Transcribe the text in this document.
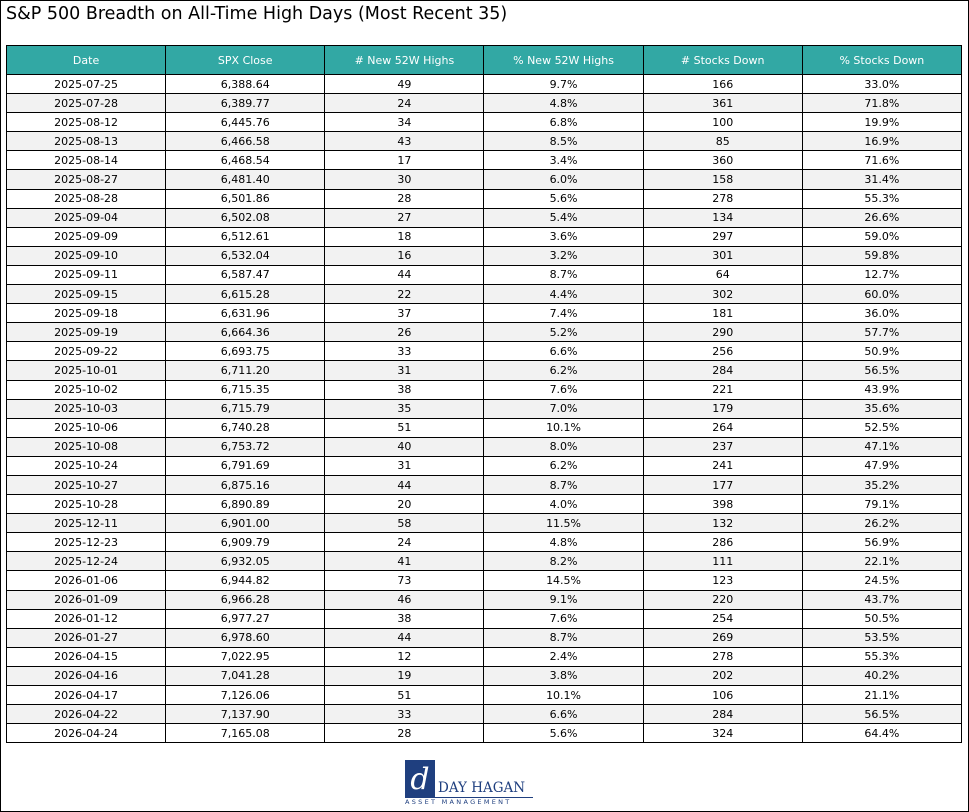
S&P 500 Breadth on All-Time High Days (Most Recent 35)
Date	SPX Close	# New 52W Highs	% New 52W Highs	# Stocks Down	% Stocks Down
2025-07-25	6,388.64	49	9.7%	166	33.0%
2025-07-28	6,389.77	24	4.8%	361	71.8%
2025-08-12	6,445.76	34	6.8%	100	19.9%
2025-08-13	6,466.58	43	8.5%	85	16.9%
2025-08-14	6,468.54	17	3.4%	360	71.6%
2025-08-27	6,481.40	30	6.0%	158	31.4%
2025-08-28	6,501.86	28	5.6%	278	55.3%
2025-09-04	6,502.08	27	5.4%	134	26.6%
2025-09-09	6,512.61	18	3.6%	297	59.0%
2025-09-10	6,532.04	16	3.2%	301	59.8%
2025-09-11	6,587.47	44	8.7%	64	12.7%
2025-09-15	6,615.28	22	4.4%	302	60.0%
2025-09-18	6,631.96	37	7.4%	181	36.0%
2025-09-19	6,664.36	26	5.2%	290	57.7%
2025-09-22	6,693.75	33	6.6%	256	50.9%
2025-10-01	6,711.20	31	6.2%	284	56.5%
2025-10-02	6,715.35	38	7.6%	221	43.9%
2025-10-03	6,715.79	35	7.0%	179	35.6%
2025-10-06	6,740.28	51	10.1%	264	52.5%
2025-10-08	6,753.72	40	8.0%	237	47.1%
2025-10-24	6,791.69	31	6.2%	241	47.9%
2025-10-27	6,875.16	44	8.7%	177	35.2%
2025-10-28	6,890.89	20	4.0%	398	79.1%
2025-12-11	6,901.00	58	11.5%	132	26.2%
2025-12-23	6,909.79	24	4.8%	286	56.9%
2025-12-24	6,932.05	41	8.2%	111	22.1%
2026-01-06	6,944.82	73	14.5%	123	24.5%
2026-01-09	6,966.28	46	9.1%	220	43.7%
2026-01-12	6,977.27	38	7.6%	254	50.5%
2026-01-27	6,978.60	44	8.7%	269	53.5%
2026-04-15	7,022.95	12	2.4%	278	55.3%
2026-04-16	7,041.28	19	3.8%	202	40.2%
2026-04-17	7,126.06	51	10.1%	106	21.1%
2026-04-22	7,137.90	33	6.6%	284	56.5%
2026-04-24	7,165.08	28	5.6%	324	64.4%
d DAY HAGAN
ASSET MANAGEMENT
